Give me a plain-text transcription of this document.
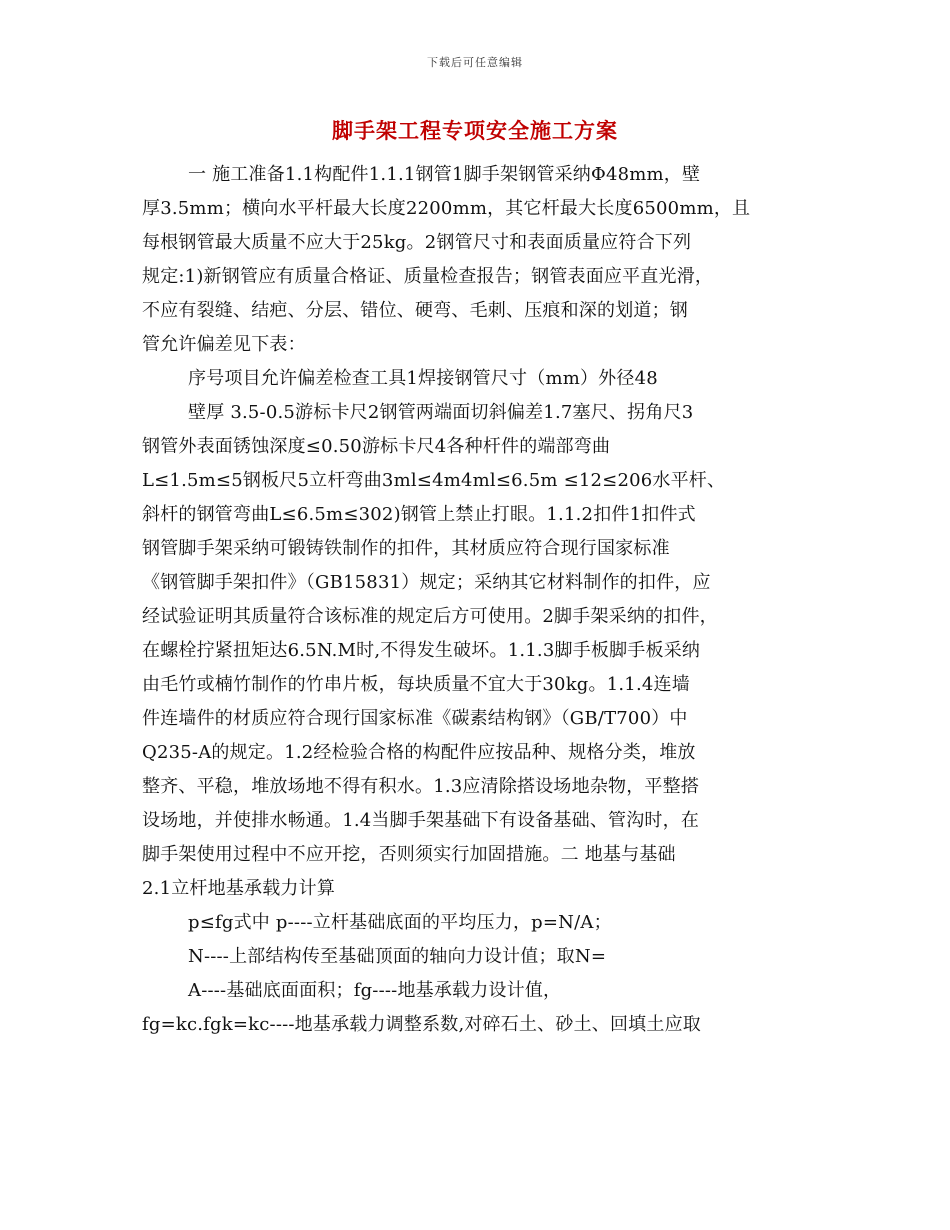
下载后可任意编辑
脚手架工程专项安全施工方案
一 施工准备1.1构配件1.1.1钢管1脚手架钢管采纳Φ48mm，壁
厚3.5mm；横向水平杆最大长度2200mm，其它杆最大长度6500mm，且
每根钢管最大质量不应大于25kg。2钢管尺寸和表面质量应符合下列
规定:1)新钢管应有质量合格证、质量检查报告；钢管表面应平直光滑，
不应有裂缝、结疤、分层、错位、硬弯、毛刺、压痕和深的划道；钢
管允许偏差见下表：
序号项目允许偏差检查工具1焊接钢管尺寸（mm）外径48
壁厚 3.5-0.5游标卡尺2钢管两端面切斜偏差1.7塞尺、拐角尺3
钢管外表面锈蚀深度≤0.50游标卡尺4各种杆件的端部弯曲
L≤1.5m≤5钢板尺5立杆弯曲3ml≤4m4ml≤6.5m ≤12≤206水平杆、
斜杆的钢管弯曲L≤6.5m≤302)钢管上禁止打眼。1.1.2扣件1扣件式
钢管脚手架采纳可锻铸铁制作的扣件，其材质应符合现行国家标准
《钢管脚手架扣件》（GB15831）规定；采纳其它材料制作的扣件，应
经试验证明其质量符合该标准的规定后方可使用。2脚手架采纳的扣件，
在螺栓拧紧扭矩达6.5N.M时,不得发生破坏。1.1.3脚手板脚手板采纳
由毛竹或楠竹制作的竹串片板，每块质量不宜大于30kg。1.1.4连墙
件连墙件的材质应符合现行国家标准《碳素结构钢》（GB/T700）中
Q235-A的规定。1.2经检验合格的构配件应按品种、规格分类，堆放
整齐、平稳，堆放场地不得有积水。1.3应清除搭设场地杂物，平整搭
设场地，并使排水畅通。1.4当脚手架基础下有设备基础、管沟时，在
脚手架使用过程中不应开挖，否则须实行加固措施。二 地基与基础
2.1立杆地基承载力计算
p≤fg式中 p----立杆基础底面的平均压力，p=N/A；
N----上部结构传至基础顶面的轴向力设计值；取N=
A----基础底面面积；fg----地基承载力设计值，
fg=kc.fgk=kc----地基承载力调整系数,对碎石土、砂土、回填土应取
